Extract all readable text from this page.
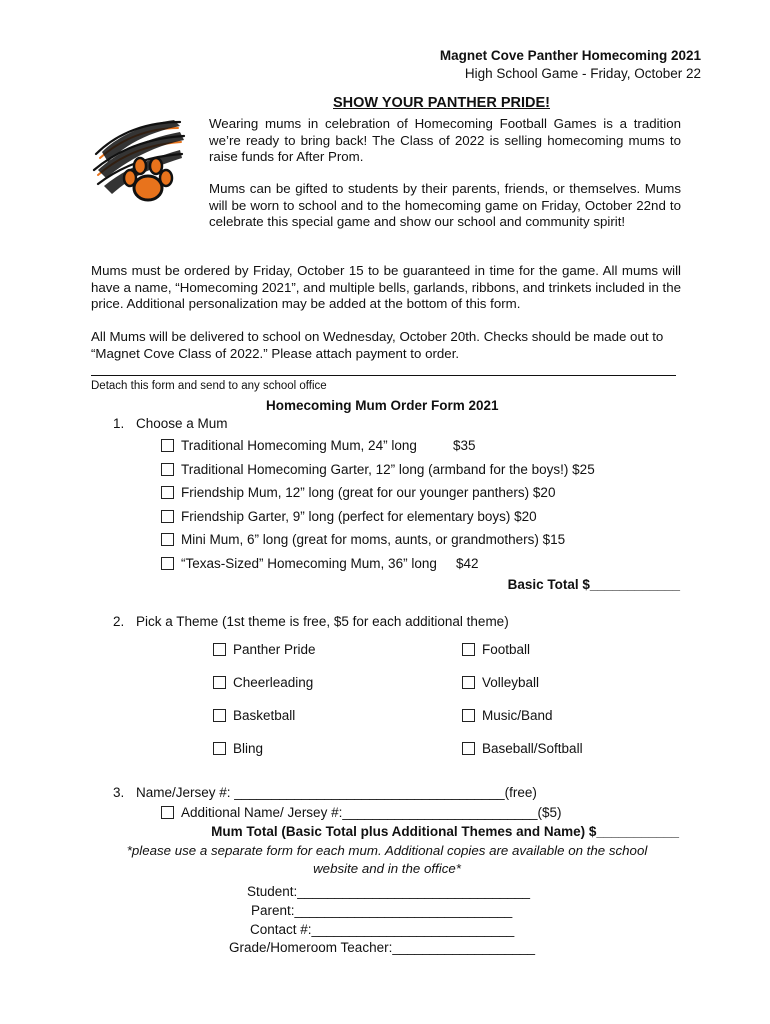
Magnet Cove Panther Homecoming 2021
High School Game - Friday, October 22
SHOW YOUR PANTHER PRIDE!
Wearing mums in celebration of Homecoming Football Games is a tradition we’re ready to bring back! The Class of 2022 is selling homecoming mums to raise funds for After Prom.
Mums can be gifted to students by their parents, friends, or themselves. Mums will be worn to school and to the homecoming game on Friday, October 22nd to celebrate this special game and show our school and community spirit!
Mums must be ordered by Friday, October 15 to be guaranteed in time for the game. All mums will have a name, “Homecoming 2021”, and multiple bells, garlands, ribbons, and trinkets included in the price. Additional personalization may be added at the bottom of this form.
All Mums will be delivered to school on Wednesday, October 20th. Checks should be made out to “Magnet Cove Class of 2022.” Please attach payment to order.
Detach this form and send to any school office
Homecoming Mum Order Form 2021
1. Choose a Mum
Traditional Homecoming Mum, 24” long	$35
Traditional Homecoming Garter, 12” long (armband for the boys!) $25
Friendship Mum, 12” long (great for our younger panthers) $20
Friendship Garter, 9” long (perfect for elementary boys) $20
Mini Mum, 6” long (great for moms, aunts, or grandmothers) $15
“Texas-Sized” Homecoming Mum, 36” long $42
Basic Total $____________
2. Pick a Theme (1st theme is free, $5 for each additional theme)
Panther Pride
Cheerleading
Basketball
Bling
Football
Volleyball
Music/Band
Baseball/Softball
3. Name/Jersey #: ____________________________________(free)
Additional Name/ Jersey #:__________________________($5)
Mum Total (Basic Total plus Additional Themes and Name) $___________
*please use a separate form for each mum. Additional copies are available on the school
website and in the office*
Student:_______________________________
Parent:_____________________________
Contact #:___________________________
Grade/Homeroom Teacher:___________________
